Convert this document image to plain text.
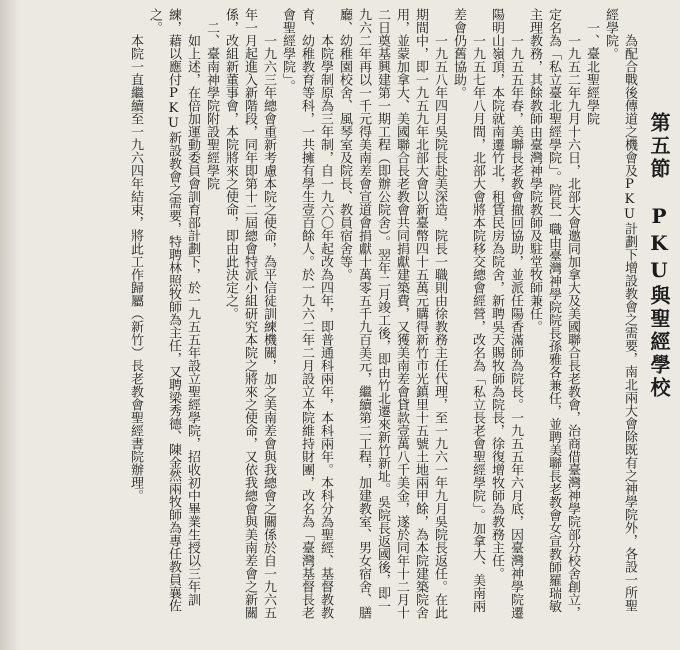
第五節　PKU與聖經學校

為配合戰後傳道之機會及PKU計劃下增設教會之需要，南北兩大會除既有之神學院外，各設一所聖經學院。

一、臺北聖經學院

一九五二年九月十六日，北部大會邀同加拿大及美國聯合長老教會，治商借臺灣神學院部分校舍創立，定名為「私立臺北聖經學院」。院長一職由臺灣神學院院長孫雅各兼任，並聘美聯長老教會女宣教師羅瑞敏主理教務，其餘教師由臺灣神學院教師及駐堂牧師兼任。

一九五五年春，美聯長老教會撤回協助，並派任陽香滿師為院長。一九五五年六月底，因臺灣神學院遷陽明山嶺頂，本院就南遷竹北，租賃民房為院舍，新聘吳天賜牧師為院長，徐復增牧師為教務主任。

一九五七年八月間，北部大會將本院移交總會經營，改名為「私立長老會聖經學院」。加拿大、美南兩差會仍舊協助。

一九五八年四月吳院長赴美深造，院長一職則由徐教務主任代理，至一九六一年九月吳院長返任。在此期間中，即一九五九年北部大會以新臺幣四十五萬元購得新竹市光鎮里十五號土地兩甲餘，為本院建築院舍用，並蒙加拿大、美國聯合長老教會共同捐獻建築費，又獲美南差會貸款壹萬八千美金，遂於同年十二月十二日奠基興建第一期工程（即辦公院舍）。翌年二月竣工後，即由竹北遷來新竹新址。吳院長返國後，即一九六二年再以一千元得美南差會宣道會捐獻十萬零五千九百美元，繼續第二工程，加建教室、男女宿舍、膳廳、幼稚園校舍、風琴室及院長、教員宿舍等。

本院學制原為三年制，自一九六〇年起改為四年，即普通科兩年，本科兩年。本科分為聖經、基督教教育、幼稚教育等科，一共擁有學生壹百餘人。於一九六二年二月設立本院維持財團，改名為「臺灣基督長老會聖經學院」。

一九六三年總會重新考慮本院之使命，為平信徒訓練機關，加之美南差會與我總會之關係於自一九六五年一月起進入新階段，同年即第十二屆總會特派小組研究本院之將來之使命，又依我總會與美南差會之新關係，改組新董事會，本院將來之使命，即由此決定之。

二、臺南神學院附設聖經學院

如上述，在倍加運動委員會訓育部計劃下，於一九五五年設立聖經學院，招收初中畢業生授以三年訓練，藉以應付PKU新設教會之需要，特聘林照牧師為主任，又聘梁秀德、陳金然兩牧師為專任教員襄佐之。

本院一直繼續至一九六四年結束，將此工作歸屬（新竹）長老教會聖經書院辦理。
